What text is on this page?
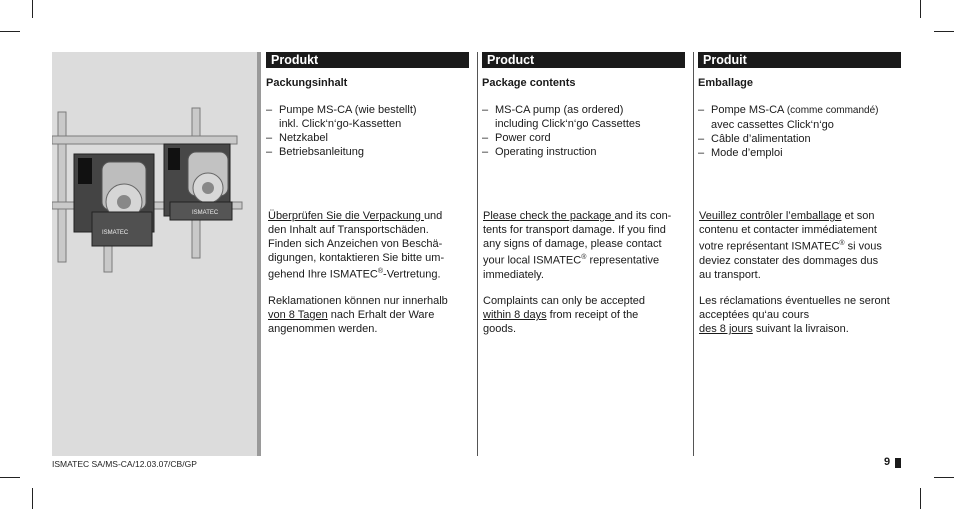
ISMATEC
ISMATEC
Produkt
Packungsinhalt
– Pumpe MS-CA (wie bestellt)
inkl. Click‘n‘go-Kassetten
– Netzkabel
– Betriebsanleitung
Überprüfen Sie die Verpackung und
den Inhalt auf Transportschäden.
Finden sich Anzeichen von Beschä-
digungen, kontaktieren Sie bitte um-
gehend Ihre ISMATEC®-Vertretung.
Reklamationen können nur innerhalb
von 8 Tagen nach Erhalt der Ware
angenommen werden.
Product
Package contents
– MS-CA pump (as ordered)
including Click‘n‘go Cassettes
– Power cord
– Operating instruction
Please check the package and its con-
tents for transport damage. If you find
any signs of damage, please contact
your local ISMATEC® representative
immediately.
Complaints can only be accepted
within 8 days from receipt of the
goods.
Produit
Emballage
– Pompe MS-CA (comme commandé)
avec cassettes Click‘n‘go
– Câble d’alimentation
– Mode d’emploi
Veuillez contrôler l’emballage et son
contenu et contacter immédiatement
votre représentant ISMATEC® si vous
deviez constater des dommages dus
au transport.
Les réclamations éventuelles ne seront
acceptées qu‘au cours
des 8 jours suivant la livraison.
ISMATEC SA/MS-CA/12.03.07/CB/GP	9
